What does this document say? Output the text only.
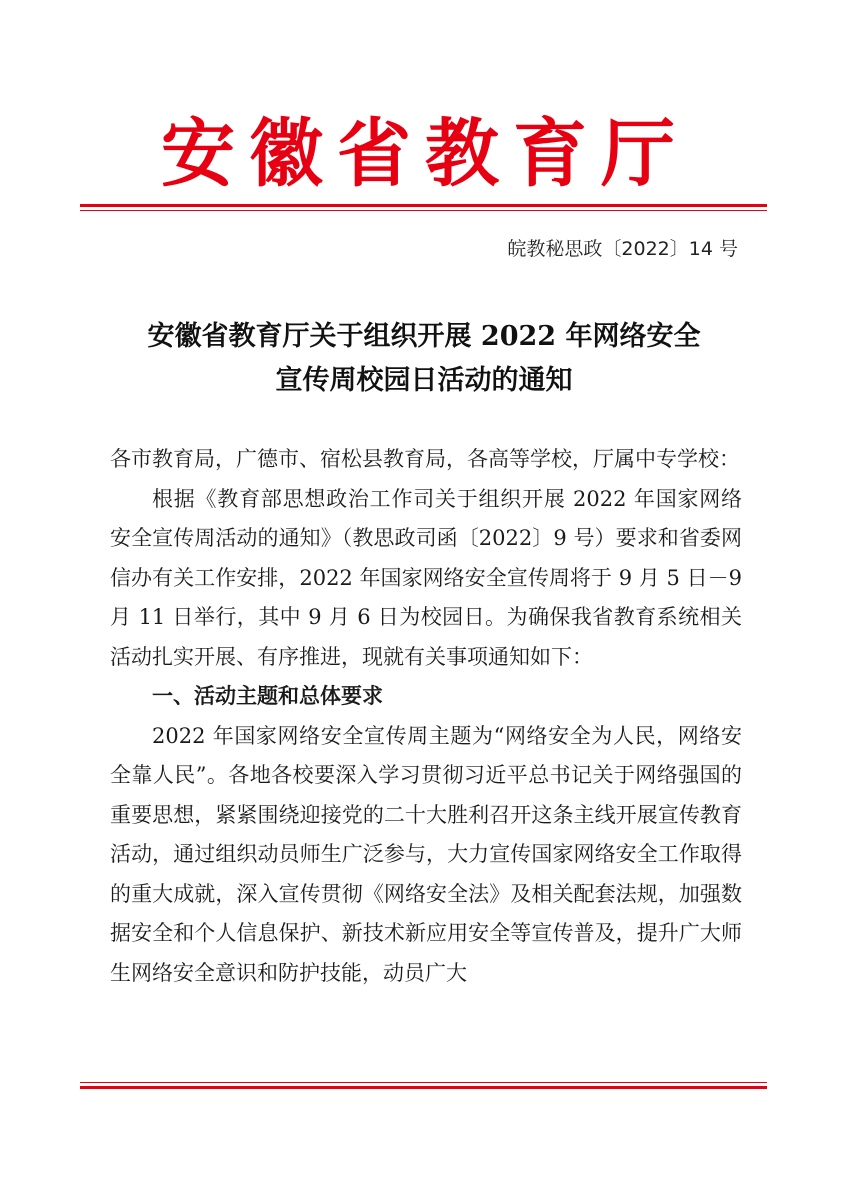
安徽省教育厅
皖教秘思政〔2022〕14 号
安徽省教育厅关于组织开展 2022 年网络安全
宣传周校园日活动的通知

各市教育局，广德市、宿松县教育局，各高等学校，厅属中专学校：

根据《教育部思想政治工作司关于组织开展 2022 年国家网络安全宣传周活动的通知》（教思政司函〔2022〕9 号）要求和省委网信办有关工作安排，2022 年国家网络安全宣传周将于 9 月 5 日－9 月 11 日举行，其中 9 月 6 日为校园日。为确保我省教育系统相关活动扎实开展、有序推进，现就有关事项通知如下：

一、活动主题和总体要求

2022 年国家网络安全宣传周主题为“网络安全为人民，网络安全靠人民”。各地各校要深入学习贯彻习近平总书记关于网络强国的重要思想，紧紧围绕迎接党的二十大胜利召开这条主线开展宣传教育活动，通过组织动员师生广泛参与，大力宣传国家网络安全工作取得的重大成就，深入宣传贯彻《网络安全法》及相关配套法规，加强数据安全和个人信息保护、新技术新应用安全等宣传普及，提升广大师生网络安全意识和防护技能，动员广大
